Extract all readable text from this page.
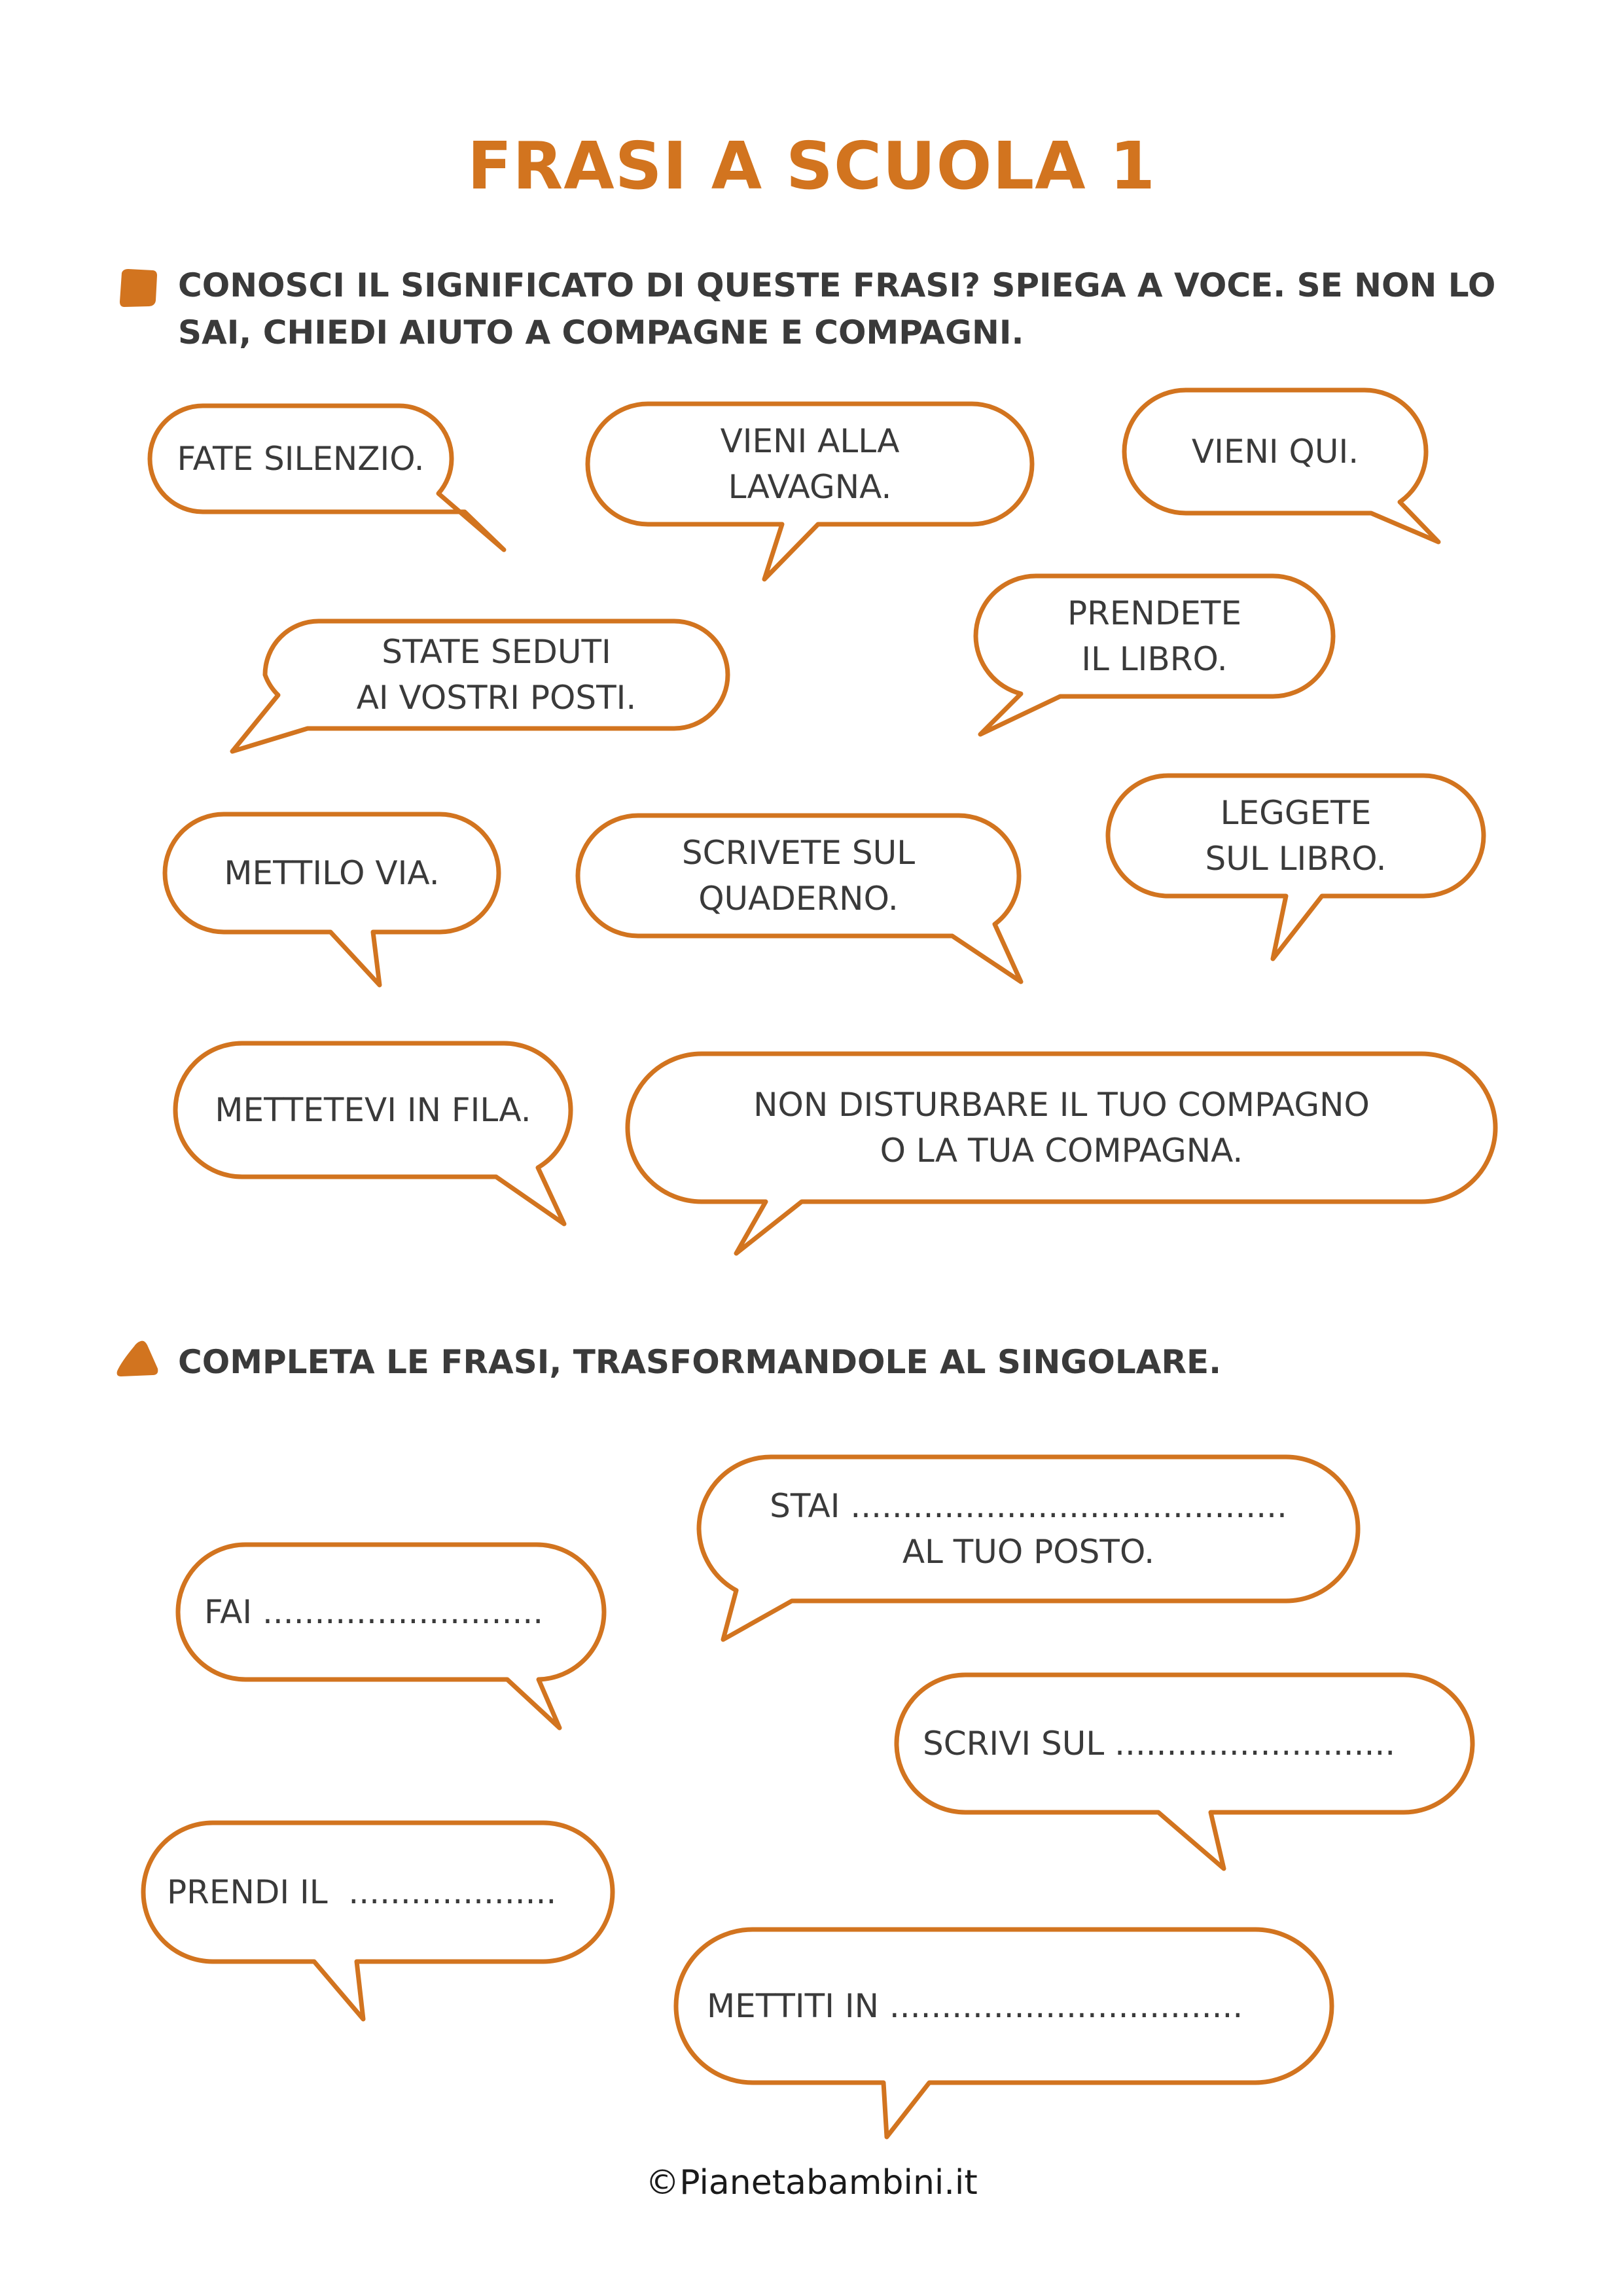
FRASI A SCUOLA 1
CONOSCI IL SIGNIFICATO DI QUESTE FRASI? SPIEGA A VOCE. SE NON LO
SAI, CHIEDI AIUTO A COMPAGNE E COMPAGNI.
COMPLETA LE FRASI, TRASFORMANDOLE AL SINGOLARE.
FATE SILENZIO.	VIENI ALLA
LAVAGNA.
VIENI QUI.
STATE SEDUTI
AI VOSTRI POSTI.
PRENDETE
IL LIBRO.
METTILO VIA.
SCRIVETE SUL
QUADERNO.
LEGGETE
SUL LIBRO.
METTETEVI IN FILA.	NON DISTURBARE IL TUO COMPAGNO
O LA TUA COMPAGNA.
STAI ..........................................
AL TUO POSTO.
FAI ...........................
SCRIVI SUL ...........................
PRENDI IL  ....................
METTITI IN ..................................
©Pianetabambini.it
